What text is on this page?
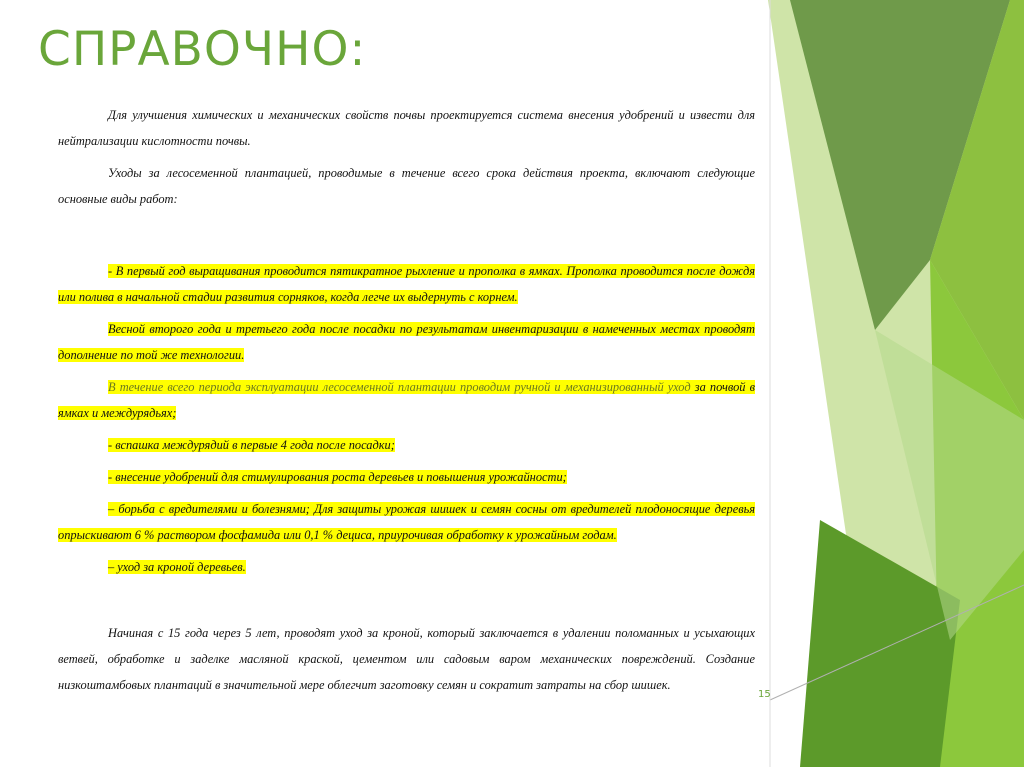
СПРАВОЧНО:

Для улучшения химических и механических свойств почвы проектируется система внесения удобрений и извести для нейтрализации кислотности почвы.

Уходы за лесосеменной плантацией, проводимые в течение всего срока действия проекта, включают следующие основные виды работ:

- В первый год выращивания проводится пятикратное рыхление и прополка в ямках. Прополка проводится после дождя или полива в начальной стадии развития сорняков, когда легче их выдернуть с корнем.

Весной второго года и третьего года после посадки по результатам инвентаризации в намеченных местах проводят дополнение по той же технологии.

В течение всего периода эксплуатации лесосеменной плантации проводим ручной и механизированный уход за почвой в ямках и междурядьях;

- вспашка междурядий в первые 4 года после посадки;

- внесение удобрений для стимулирования роста деревьев и повышения урожайности;

– борьба с вредителями и болезнями; Для защиты урожая шишек и семян сосны от вредителей плодоносящие деревья опрыскивают 6 % раствором фосфамида или 0,1 % дециса, приурочивая обработку к урожайным годам.

– уход за кроной деревьев.

Начиная с 15 года через 5 лет, проводят уход за кроной, который заключается в удалении поломанных и усыхающих ветвей, обработке и заделке масляной краской, цементом или садовым варом механических повреждений. Создание низкоштамбовых плантаций в значительной мере облегчит заготовку семян и сократит затраты на сбор шишек.

15
